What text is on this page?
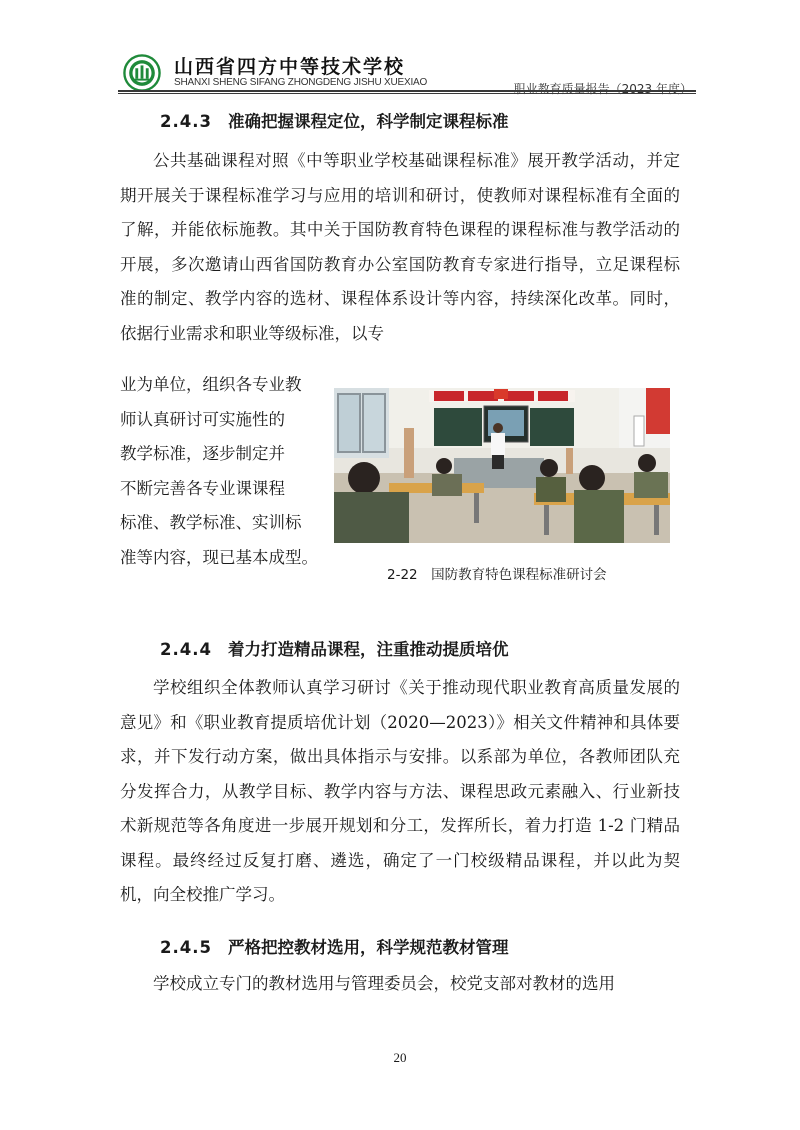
山西省四方中等技术学校
SHANXI SHENG SIFANG ZHONGDENG JISHU XUEXIAO	职业教育质量报告（2023 年度）
2.4.3 准确把握课程定位，科学制定课程标准

公共基础课程对照《中等职业学校基础课程标准》展开教学活动，并定期开展关于课程标准学习与应用的培训和研讨，使教师对课程标准有全面的了解，并能依标施教。其中关于国防教育特色课程的课程标准与教学活动的开展，多次邀请山西省国防教育办公室国防教育专家进行指导，立足课程标准的制定、教学内容的选材、课程体系设计等内容，持续深化改革。同时，依据行业需求和职业等级标准，以专

业为单位，组织各专业教
师认真研讨可实施性的
教学标准，逐步制定并
不断完善各专业课课程
标准、教学标准、实训标
准等内容，现已基本成型。
2-22　国防教育特色课程标准研讨会
2.4.4 着力打造精品课程，注重推动提质培优

学校组织全体教师认真学习研讨《关于推动现代职业教育高质量发展的意见》和《职业教育提质培优计划（2020—2023）》相关文件精神和具体要求，并下发行动方案，做出具体指示与安排。以系部为单位，各教师团队充分发挥合力，从教学目标、教学内容与方法、课程思政元素融入、行业新技术新规范等各角度进一步展开规划和分工，发挥所长，着力打造 1-2 门精品课程。最终经过反复打磨、遴选，确定了一门校级精品课程，并以此为契机，向全校推广学习。

2.4.5 严格把控教材选用，科学规范教材管理

学校成立专门的教材选用与管理委员会，校党支部对教材的选用

20
